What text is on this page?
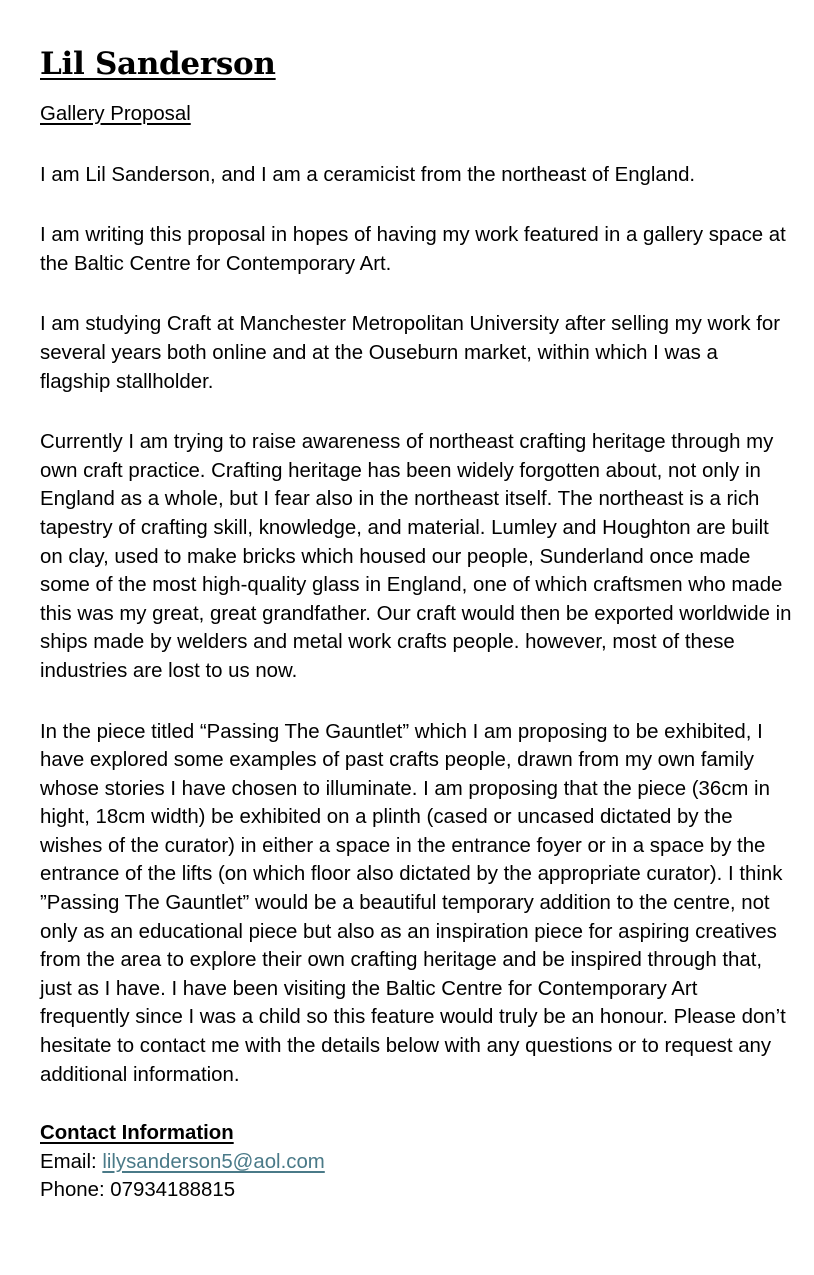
Lil Sanderson

Gallery Proposal

I am Lil Sanderson, and I am a ceramicist from the northeast of England.

I am writing this proposal in hopes of having my work featured in a gallery space at the Baltic Centre for Contemporary Art.

I am studying Craft at Manchester Metropolitan University after selling my work for several years both online and at the Ouseburn market, within which I was a flagship stallholder.

Currently I am trying to raise awareness of northeast crafting heritage through my own craft practice. Crafting heritage has been widely forgotten about, not only in England as a whole, but I fear also in the northeast itself. The northeast is a rich tapestry of crafting skill, knowledge, and material. Lumley and Houghton are built on clay, used to make bricks which housed our people, Sunderland once made some of the most high-quality glass in England, one of which craftsmen who made this was my great, great grandfather. Our craft would then be exported worldwide in ships made by welders and metal work crafts people. however, most of these industries are lost to us now.

In the piece titled “Passing The Gauntlet” which I am proposing to be exhibited, I have explored some examples of past crafts people, drawn from my own family whose stories I have chosen to illuminate. I am proposing that the piece (36cm in hight, 18cm width) be exhibited on a plinth (cased or uncased dictated by the wishes of the curator) in either a space in the entrance foyer or in a space by the entrance of the lifts (on which floor also dictated by the appropriate curator). I think ”Passing The Gauntlet” would be a beautiful temporary addition to the centre, not only as an educational piece but also as an inspiration piece for aspiring creatives from the area to explore their own crafting heritage and be inspired through that, just as I have. I have been visiting the Baltic Centre for Contemporary Art frequently since I was a child so this feature would truly be an honour. Please don’t hesitate to contact me with the details below with any questions or to request any additional information.

Contact Information

Email: lilysanderson5@aol.com

Phone: 07934188815
